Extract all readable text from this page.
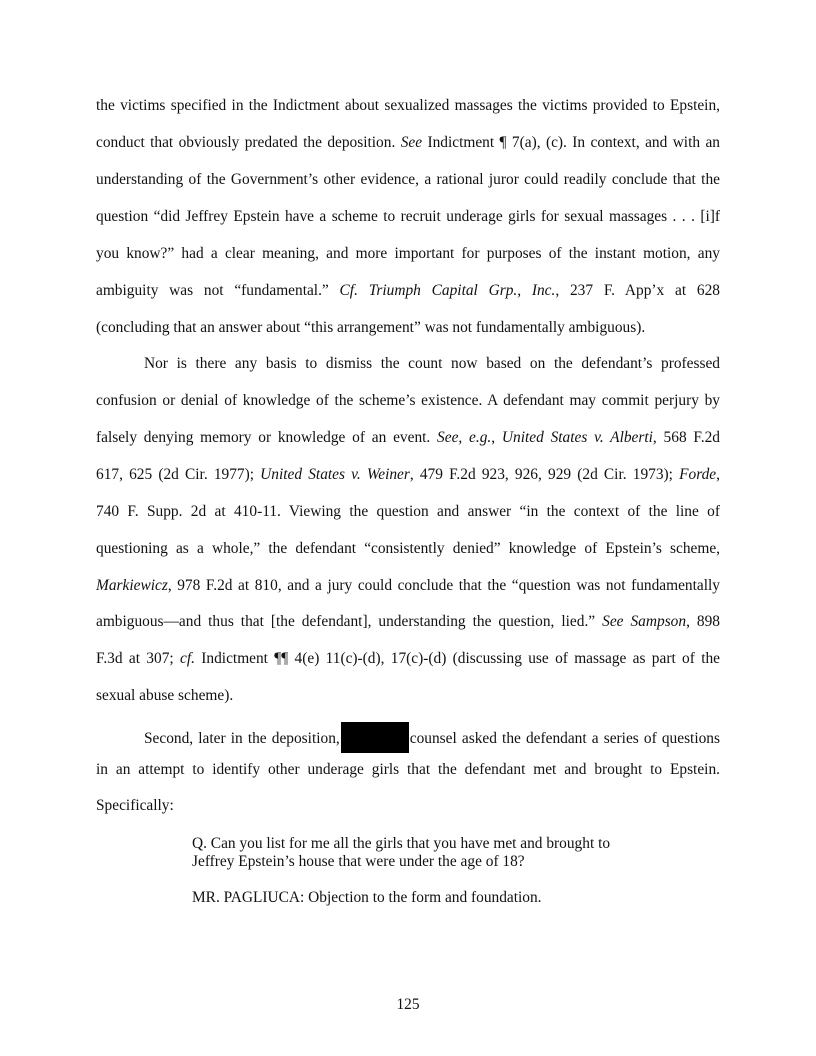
the victims specified in the Indictment about sexualized massages the victims provided to Epstein,
conduct that obviously predated the deposition. See Indictment ¶ 7(a), (c). In context, and with an
understanding of the Government’s other evidence, a rational juror could readily conclude that the
question “did Jeffrey Epstein have a scheme to recruit underage girls for sexual massages . . . [i]f
you know?” had a clear meaning, and more important for purposes of the instant motion, any
ambiguity was not “fundamental.” Cf. Triumph Capital Grp., Inc., 237 F. App’x at 628
(concluding that an answer about “this arrangement” was not fundamentally ambiguous).
Nor is there any basis to dismiss the count now based on the defendant’s professed
confusion or denial of knowledge of the scheme’s existence. A defendant may commit perjury by
falsely denying memory or knowledge of an event. See, e.g., United States v. Alberti, 568 F.2d
617, 625 (2d Cir. 1977); United States v. Weiner, 479 F.2d 923, 926, 929 (2d Cir. 1973); Forde,
740 F. Supp. 2d at 410-11. Viewing the question and answer “in the context of the line of
questioning as a whole,” the defendant “consistently denied” knowledge of Epstein’s scheme,
Markiewicz, 978 F.2d at 810, and a jury could conclude that the “question was not fundamentally
ambiguous—and thus that [the defendant], understanding the question, lied.” See Sampson, 898
F.3d at 307; cf. Indictment ¶¶ 4(e) 11(c)-(d), 17(c)-(d) (discussing use of massage as part of the
sexual abuse scheme).
Second, later in the deposition,	counsel asked the defendant a series of questions
in an attempt to identify other underage girls that the defendant met and brought to Epstein.
Specifically:
Q. Can you list for me all the girls that you have met and brought to
Jeffrey Epstein’s house that were under the age of 18?
MR. PAGLIUCA: Objection to the form and foundation.
125
